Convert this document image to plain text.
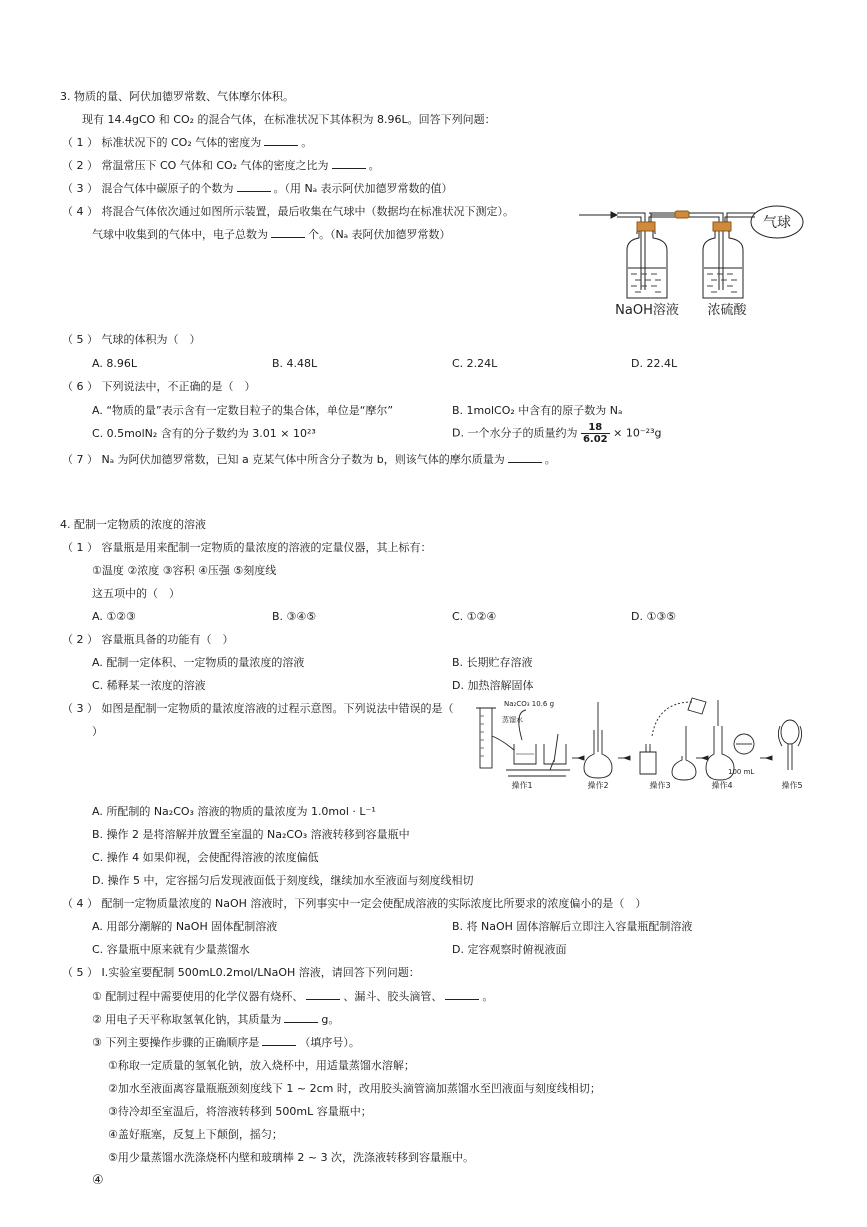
3. 物质的量、阿伏加德罗常数、气体摩尔体积。
现有 14.4gCO 和 CO₂ 的混合气体，在标准状况下其体积为 8.96L。回答下列问题：
（ 1 ） 标准状况下的 CO₂ 气体的密度为	。
（ 2 ） 常温常压下 CO 气体和 CO₂ 气体的密度之比为	。
（ 3 ） 混合气体中碳原子的个数为	。（用 Nₐ 表示阿伏加德罗常数的值）
（ 4 ） 将混合气体依次通过如图所示装置，最后收集在气球中（数据均在标准状况下测定）。
气球中收集到的气体中，电子总数为	个。（Nₐ 表阿伏加德罗常数）
气球
NaOH溶液 浓硫酸
（ 5 ） 气球的体积为（　）
A. 8.96L	B. 4.48L	C. 2.24L	D. 22.4L
（ 6 ） 下列说法中，不正确的是（　）
A. “物质的量”表示含有一定数目粒子的集合体，单位是“摩尔”	B. 1molCO₂ 中含有的原子数为 Nₐ
C. 0.5molN₂ 含有的分子数约为 3.01 × 10²³	D. 一个水分子的质量约为 $\frac{18}{6.02} \times 10^{-23}g$
（ 7 ） Nₐ 为阿伏加德罗常数，已知 a 克某气体中所含分子数为 b，则该气体的摩尔质量为	。
4. 配制一定物质的浓度的溶液
（ 1 ） 容量瓶是用来配制一定物质的量浓度的溶液的定量仪器，其上标有：
①温度 ②浓度 ③容积 ④压强 ⑤刻度线
这五项中的（　）
A. ①②③	B. ③④⑤	C. ①②④	D. ①③⑤
（ 2 ） 容量瓶具备的功能有（　）
A. 配制一定体积、一定物质的量浓度的溶液	B. 长期贮存溶液
C. 稀释某一浓度的溶液	D. 加热溶解固体
（ 3 ） 如图是配制一定物质的量浓度溶液的过程示意图。下列说法中错误的是（
）
Na₂CO₃ 10.6 g
蒸馏水
100 mL
操作1	操作2	操作3	操作4	操作5
A. 所配制的 Na₂CO₃ 溶液的物质的量浓度为 1.0mol · L⁻¹
B. 操作 2 是将溶解并放置至室温的 Na₂CO₃ 溶液转移到容量瓶中
C. 操作 4 如果仰视，会使配得溶液的浓度偏低
D. 操作 5 中，定容摇匀后发现液面低于刻度线，继续加水至液面与刻度线相切
（ 4 ） 配制一定物质量浓度的 NaOH 溶液时，下列事实中一定会使配成溶液的实际浓度比所要求的浓度偏小的是（　）
A. 用部分潮解的 NaOH 固体配制溶液	B. 将 NaOH 固体溶解后立即注入容量瓶配制溶液
C. 容量瓶中原来就有少量蒸馏水	D. 定容观察时俯视液面
（ 5 ） Ⅰ.实验室要配制 500mL0.2mol/LNaOH 溶液，请回答下列问题：
① 配制过程中需要使用的化学仪器有烧杯、	、漏斗、胶头滴管、	。
② 用电子天平称取氢氧化钠，其质量为	g。
③ 下列主要操作步骤的正确顺序是	（填序号）。
①称取一定质量的氢氧化钠，放入烧杯中，用适量蒸馏水溶解；
②加水至液面离容量瓶瓶颈刻度线下 1 ~ 2cm 时，改用胶头滴管滴加蒸馏水至凹液面与刻度线相切；
③待冷却至室温后，将溶液转移到 500mL 容量瓶中；
④盖好瓶塞，反复上下颠倒，摇匀；
⑤用少量蒸馏水洗涤烧杯内壁和玻璃棒 2 ~ 3 次，洗涤液转移到容量瓶中。
④
